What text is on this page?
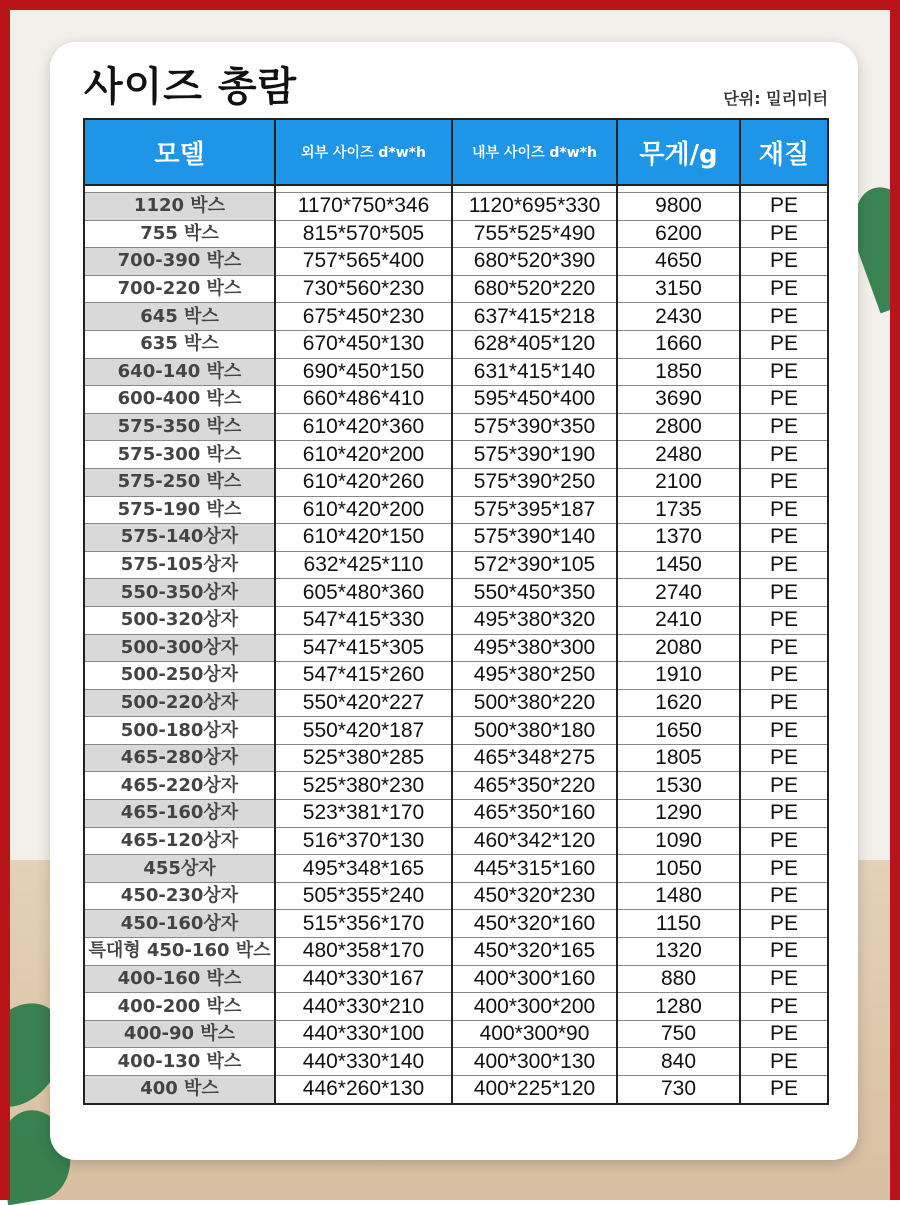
사이즈 총람	단위: 밀리미터
모델	외부 사이즈 d*w*h	내부 사이즈 d*w*h	무게/g	재질

1120 박스	1170*750*346	1120*695*330	9800	PE
755 박스	815*570*505	755*525*490	6200	PE
700-390 박스	757*565*400	680*520*390	4650	PE
700-220 박스	730*560*230	680*520*220	3150	PE
645 박스	675*450*230	637*415*218	2430	PE
635 박스	670*450*130	628*405*120	1660	PE
640-140 박스	690*450*150	631*415*140	1850	PE
600-400 박스	660*486*410	595*450*400	3690	PE
575-350 박스	610*420*360	575*390*350	2800	PE
575-300 박스	610*420*200	575*390*190	2480	PE
575-250 박스	610*420*260	575*390*250	2100	PE
575-190 박스	610*420*200	575*395*187	1735	PE
575-140상자	610*420*150	575*390*140	1370	PE
575-105상자	632*425*110	572*390*105	1450	PE
550-350상자	605*480*360	550*450*350	2740	PE
500-320상자	547*415*330	495*380*320	2410	PE
500-300상자	547*415*305	495*380*300	2080	PE
500-250상자	547*415*260	495*380*250	1910	PE
500-220상자	550*420*227	500*380*220	1620	PE
500-180상자	550*420*187	500*380*180	1650	PE
465-280상자	525*380*285	465*348*275	1805	PE
465-220상자	525*380*230	465*350*220	1530	PE
465-160상자	523*381*170	465*350*160	1290	PE
465-120상자	516*370*130	460*342*120	1090	PE
455상자	495*348*165	445*315*160	1050	PE
450-230상자	505*355*240	450*320*230	1480	PE
450-160상자	515*356*170	450*320*160	1150	PE
특대형 450-160 박스	480*358*170	450*320*165	1320	PE
400-160 박스	440*330*167	400*300*160	880	PE
400-200 박스	440*330*210	400*300*200	1280	PE
400-90 박스	440*330*100	400*300*90	750	PE
400-130 박스	440*330*140	400*300*130	840	PE
400 박스	446*260*130	400*225*120	730	PE
